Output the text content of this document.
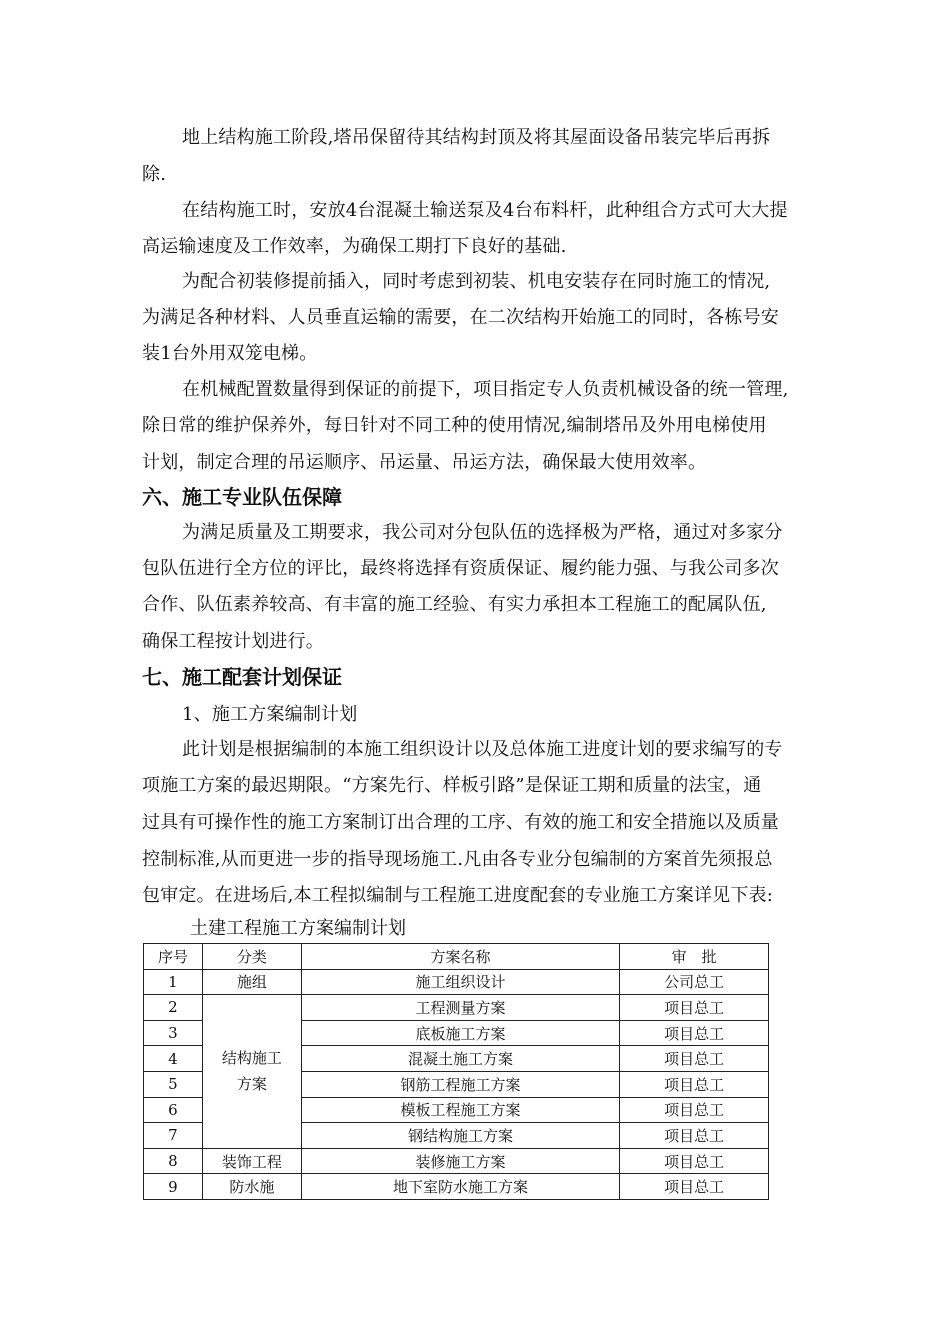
地上结构施工阶段,塔吊保留待其结构封顶及将其屋面设备吊装完毕后再拆
除.
在结构施工时，安放4台混凝土输送泵及4台布料杆，此种组合方式可大大提
高运输速度及工作效率，为确保工期打下良好的基础.
为配合初装修提前插入，同时考虑到初装、机电安装存在同时施工的情况,
为满足各种材料、人员垂直运输的需要，在二次结构开始施工的同时，各栋号安
装1台外用双笼电梯。
在机械配置数量得到保证的前提下，项目指定专人负责机械设备的统一管理,
除日常的维护保养外，每日针对不同工种的使用情况,编制塔吊及外用电梯使用
计划，制定合理的吊运顺序、吊运量、吊运方法，确保最大使用效率。
六、施工专业队伍保障
为满足质量及工期要求，我公司对分包队伍的选择极为严格，通过对多家分
包队伍进行全方位的评比，最终将选择有资质保证、履约能力强、与我公司多次
合作、队伍素养较高、有丰富的施工经验、有实力承担本工程施工的配属队伍,
确保工程按计划进行。
七、施工配套计划保证
1、施工方案编制计划
此计划是根据编制的本施工组织设计以及总体施工进度计划的要求编写的专
项施工方案的最迟期限。“方案先行、样板引路”是保证工期和质量的法宝，通
过具有可操作性的施工方案制订出合理的工序、有效的施工和安全措施以及质量
控制标准,从而更进一步的指导现场施工.凡由各专业分包编制的方案首先须报总
包审定。在进场后,本工程拟编制与工程施工进度配套的专业施工方案详见下表:
土建工程施工方案编制计划
序号	分类	方案名称	审　批
1	施组	施工组织设计	公司总工
2	结构施工方案	工程测量方案	项目总工
3		底板施工方案	项目总工
4		混凝土施工方案	项目总工
5		钢筋工程施工方案	项目总工
6		模板工程施工方案	项目总工
7		钢结构施工方案	项目总工
8	装饰工程	装修施工方案	项目总工
9	防水施	地下室防水施工方案	项目总工
